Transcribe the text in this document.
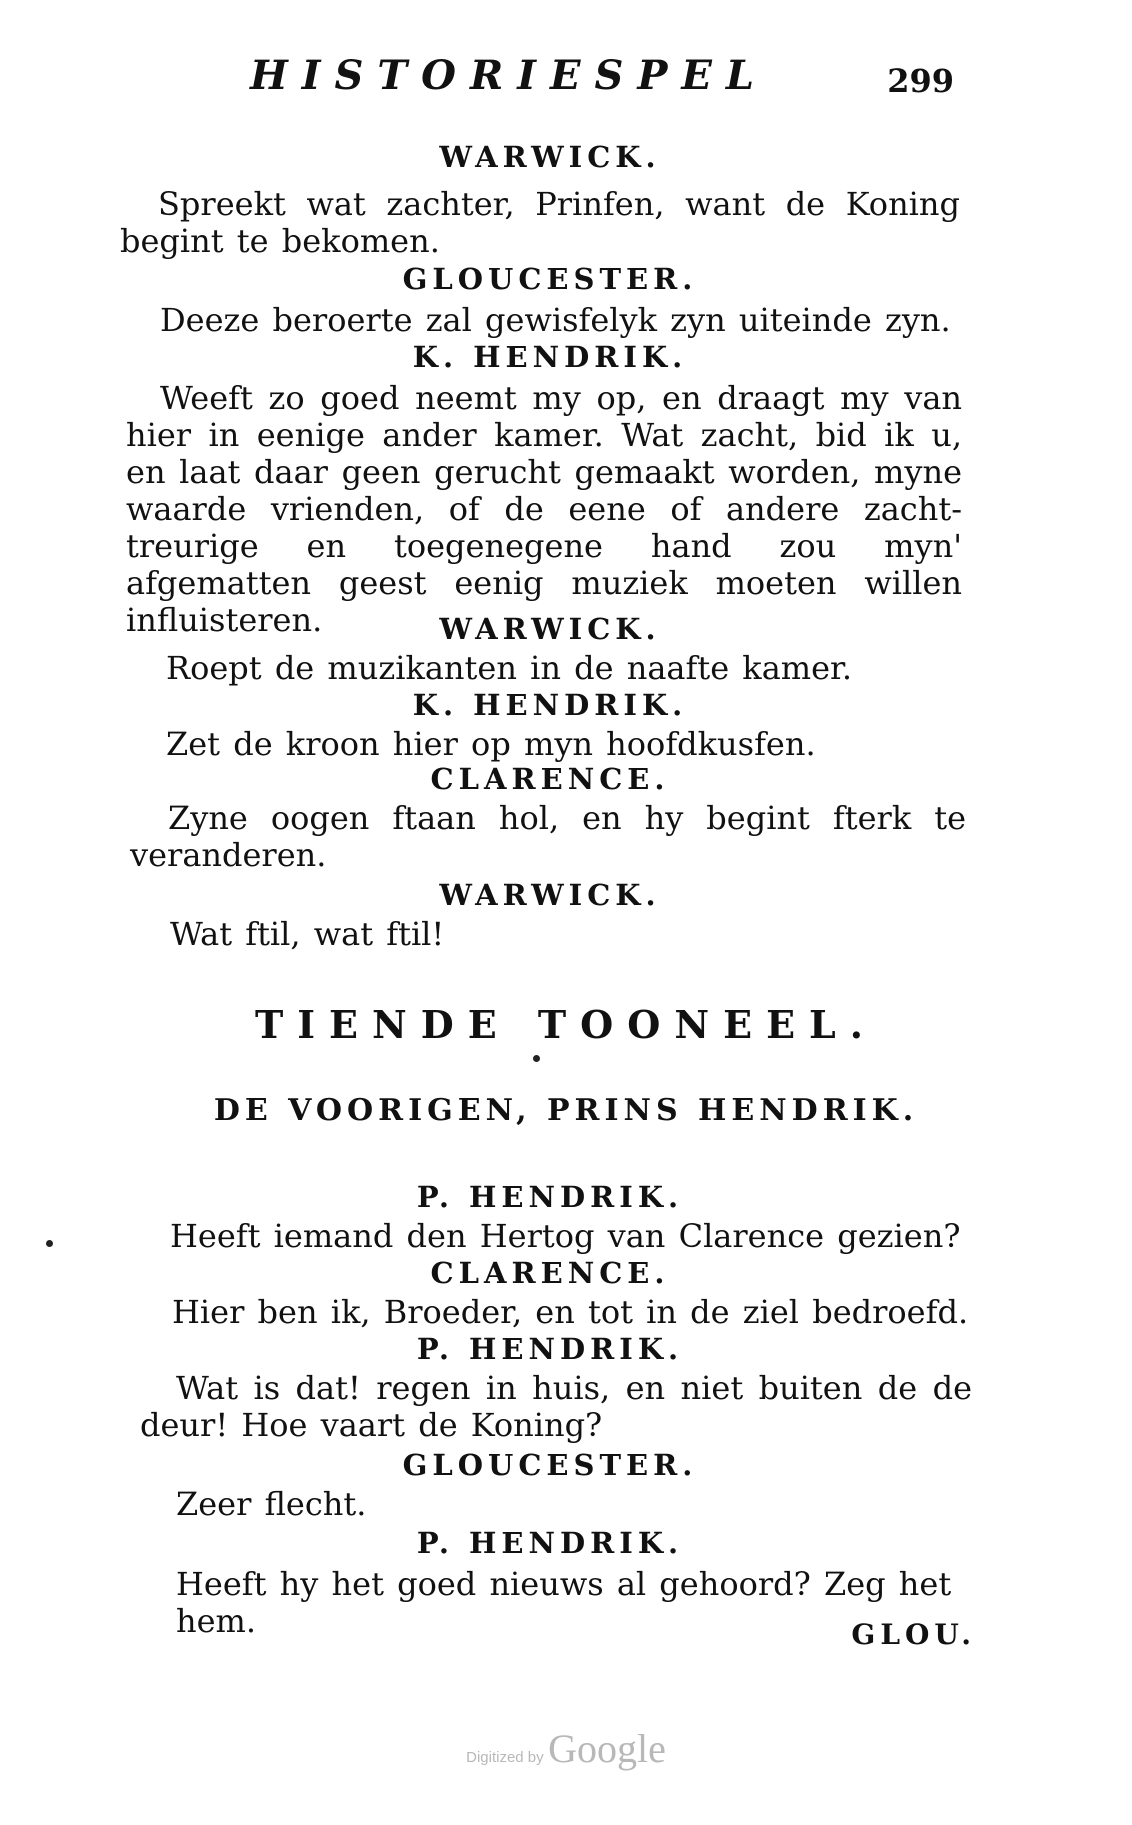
HISTORIESPEL	299
WARWICK.
Spreekt wat zachter, Prinfen, want de Koning begint te bekomen.
GLOUCESTER.
Deeze beroerte zal gewisfelyk zyn uiteinde zyn.
K. HENDRIK.
Weeft zo goed neemt my op, en draagt my van hier in eenige ander kamer. Wat zacht, bid ik u, en laat daar geen gerucht gemaakt worden, myne waarde vrienden, of de eene of andere zacht-treurige en toegenegene hand zou myn' afgematten geest eenig muziek moeten willen influisteren.	WARWICK.
Roept de muzikanten in de naafte kamer.
K. HENDRIK.
Zet de kroon hier op myn hoofdkusfen.
CLARENCE.
Zyne oogen ftaan hol, en hy begint fterk te veranderen.
WARWICK.
Wat ftil, wat ftil!
TIENDE TOONEEL.
DE VOORIGEN, PRINS HENDRIK.
P. HENDRIK.
Heeft iemand den Hertog van Clarence gezien?
CLARENCE.
Hier ben ik, Broeder, en tot in de ziel bedroefd.
P. HENDRIK.
Wat is dat! regen in huis, en niet buiten de de deur! Hoe vaart de Koning?
GLOUCESTER.
Zeer flecht.
P. HENDRIK.
Heeft hy het goed nieuws al gehoord? Zeg het hem.	GLOU.
Digitized by Google
